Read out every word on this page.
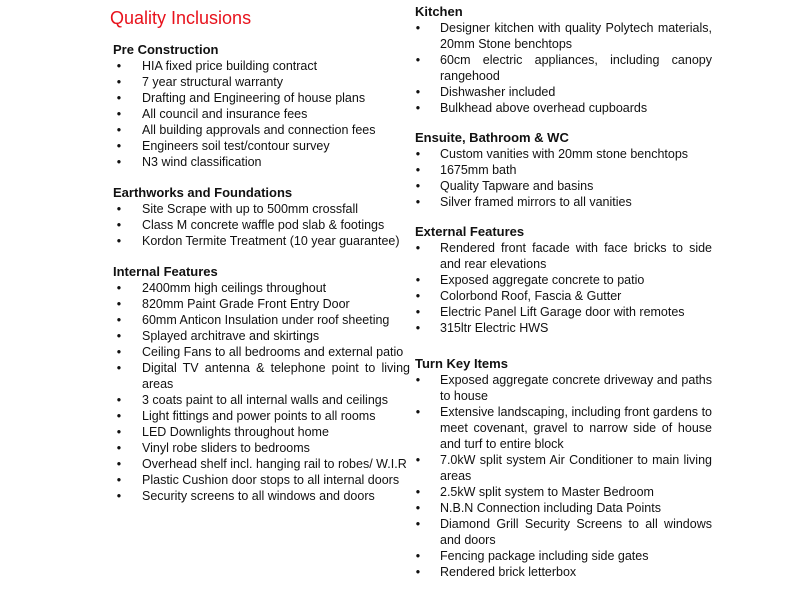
Quality Inclusions
Pre Construction
•	HIA fixed price building contract
•	7 year structural warranty
•	Drafting and Engineering of house plans
•	All council and insurance fees
•	All building approvals and connection fees
•	Engineers soil test/contour survey
•	N3 wind classification
Earthworks and Foundations
•	Site Scrape with up to 500mm crossfall
•	Class M concrete waffle pod slab & footings
•	Kordon Termite Treatment (10 year guarantee)
Internal Features
•	2400mm high ceilings throughout
•	820mm Paint Grade Front Entry Door
•	60mm Anticon Insulation under roof sheeting
•	Splayed architrave and skirtings
•	Ceiling Fans to all bedrooms and external patio
•	Digital TV antenna & telephone point to living areas
•	3 coats paint to all internal walls and ceilings
•	Light fittings and power points to all rooms
•	LED Downlights throughout home
•	Vinyl robe sliders to bedrooms
•	Overhead shelf incl. hanging rail to robes/ W.I.R
•	Plastic Cushion door stops to all internal doors
•	Security screens to all windows and doors
Kitchen
•	Designer kitchen with quality Polytech materials, 20mm Stone benchtops
•	60cm electric appliances, including canopy rangehood
•	Dishwasher included
•	Bulkhead above overhead cupboards
Ensuite, Bathroom & WC
•	Custom vanities with 20mm stone benchtops
•	1675mm bath
•	Quality Tapware and basins
•	Silver framed mirrors to all vanities
External Features
•	Rendered front facade with face bricks to side and rear elevations
•	Exposed aggregate concrete to patio
•	Colorbond Roof, Fascia & Gutter
•	Electric Panel Lift Garage door with remotes
•	315ltr Electric HWS
Turn Key Items
•	Exposed aggregate concrete driveway and paths to house
•	Extensive landscaping, including front gardens to meet covenant, gravel to narrow side of house and turf to entire block
•	7.0kW split system Air Conditioner to main living areas
•	2.5kW split system to Master Bedroom
•	N.B.N Connection including Data Points
•	Diamond Grill Security Screens to all windows and doors
•	Fencing package including side gates
•	Rendered brick letterbox
